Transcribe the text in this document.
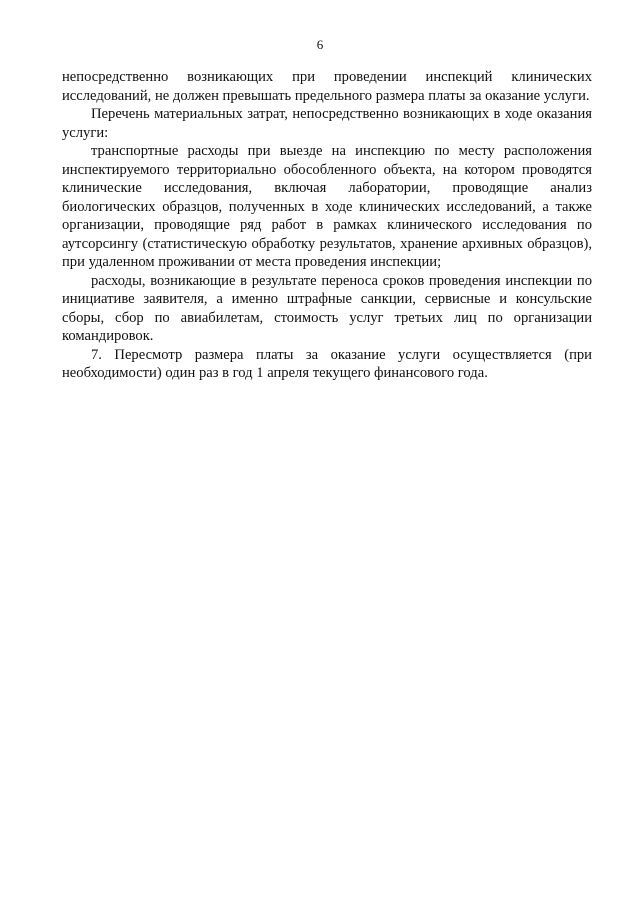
6

непосредственно возникающих при проведении инспекций клинических исследований, не должен превышать предельного размера платы за оказание услуги.

Перечень материальных затрат, непосредственно возникающих в ходе оказания услуги:

транспортные расходы при выезде на инспекцию по месту расположения инспектируемого территориально обособленного объекта, на котором проводятся клинические исследования, включая лаборатории, проводящие анализ биологических образцов, полученных в ходе клинических исследований, а также организации, проводящие ряд работ в рамках клинического исследования по аутсорсингу (статистическую обработку результатов, хранение архивных образцов), при удаленном проживании от места проведения инспекции;

расходы, возникающие в результате переноса сроков проведения инспекции по инициативе заявителя, а именно штрафные санкции, сервисные и консульские сборы, сбор по авиабилетам, стоимость услуг третьих лиц по организации командировок.

7. Пересмотр размера платы за оказание услуги осуществляется (при необходимости) один раз в год 1 апреля текущего финансового года.
